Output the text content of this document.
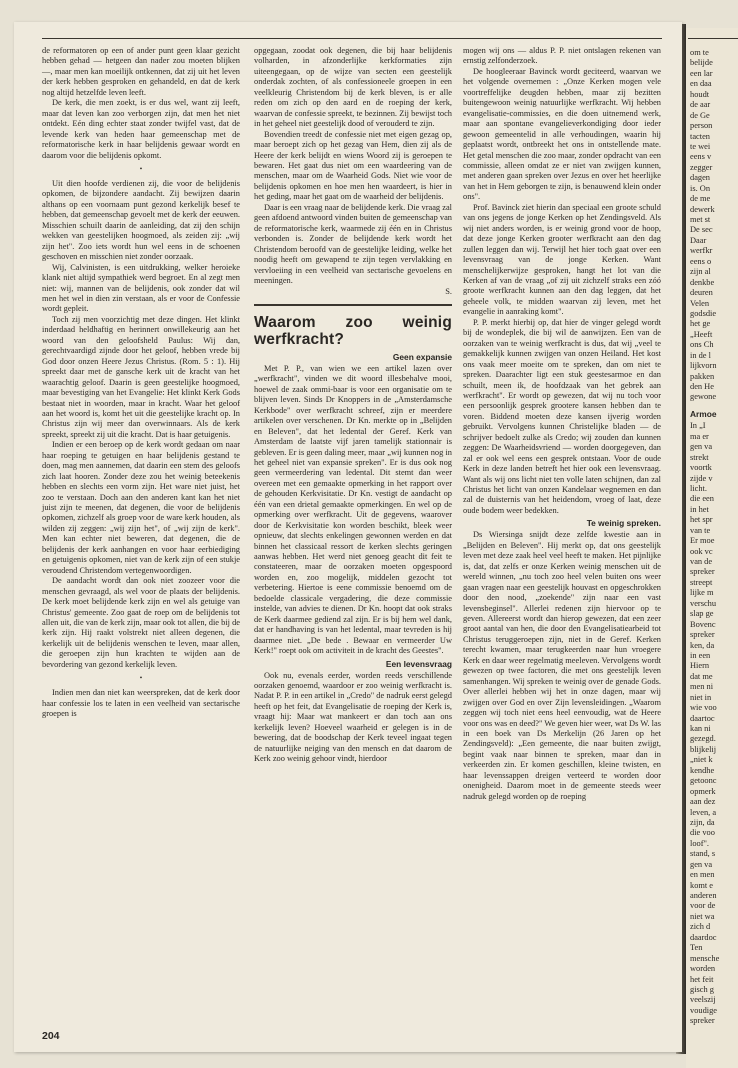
de reformatoren op een of ander punt geen klaar gezicht hebben gehad — hetgeen dan nader zou moeten blijken —, maar men kan moeilijk ontkennen, dat zij uit het leven der kerk hebben gesproken en gehandeld, en dat de kerk nog altijd hetzelfde leven leeft.

De kerk, die men zoekt, is er dus wel, want zij leeft, maar dat leven kan zoo verborgen zijn, dat men het niet ontdekt. Eén ding echter staat zonder twijfel vast, dat de levende kerk van heden haar gemeenschap met de reformatorische kerk in haar belijdenis gewaar wordt en daarom voor die belijdenis opkomt.

•

Uit dien hoofde verdienen zij, die voor de belijdenis opkomen, de bijzondere aandacht. Zij bewijzen daarin althans op een voornaam punt gezond kerkelijk besef te hebben, dat gemeenschap gevoelt met de kerk der eeuwen. Misschien schuilt daarin de aanleiding, dat zij den schijn wekken van geestelijken hoogmoed, als zeiden zij: „wij zijn het". Zoo iets wordt hun wel eens in de schoenen geschoven en misschien niet zonder oorzaak.

Wij, Calvinisten, is een uitdrukking, welker heroieke klank niet altijd sympathiek werd begroet. En al zegt men niet: wij, mannen van de belijdenis, ook zonder dat wil men het wel in dien zin verstaan, als er voor de Confessie wordt gepleit.

Toch zij men voorzichtig met deze dingen. Het klinkt inderdaad heldhaftig en herinnert onwillekeurig aan het woord van den geloofsheld Paulus: Wij dan, gerechtvaardigd zijnde door het geloof, hebben vrede bij God door onzen Heere Jezus Christus. (Rom. 5 : 1). Hij spreekt daar met de gansche kerk uit de kracht van het waarachtig geloof. Daarin is geen geestelijke hoogmoed, maar bevestiging van het Evangelie: Het klinkt Kerk Gods bestaat niet in woorden, maar in kracht. Waar het geloof aan het woord is, komt het uit die geestelijke kracht op. In Christus zijn wij meer dan overwinnaars. Als de kerk spreekt, spreekt zij uit die kracht. Dat is haar getuigenis.

Indien er een beroep op de kerk wordt gedaan om naar haar roeping te getuigen en haar belijdenis gestand te doen, mag men aannemen, dat daarin een stem des geloofs zich laat hooren. Zonder deze zou het weinig beteekenis hebben en slechts een vorm zijn. Het ware niet juist, het zoo te verstaan. Doch aan den anderen kant kan het niet juist zijn te meenen, dat degenen, die voor de belijdenis opkomen, zichzelf als groep voor de ware kerk houden, als wilden zij zeggen: „wij zijn het", of „wij zijn de kerk". Men kan echter niet beweren, dat degenen, die de belijdenis der kerk aanhangen en voor haar eerbiediging en getuigenis opkomen, niet van de kerk zijn of een stukje veroudend Christendom vertegenwoordigen.

De aandacht wordt dan ook niet zoozeer voor die menschen gevraagd, als wel voor de plaats der belijdenis. De kerk moet belijdende kerk zijn en wel als getuige van Christus' gemeente. Zoo gaat de roep om de belijdenis tot allen uit, die van de kerk zijn, maar ook tot allen, die bij de kerk zijn. Hij raakt volstrekt niet alleen degenen, die kerkelijk uit de belijdenis wenschen te leven, maar allen, die geroepen zijn hun krachten te wijden aan de bevordering van gezond kerkelijk leven.

•

Indien men dan niet kan weerspreken, dat de kerk door haar confessie los te laten in een veelheid van sectarische groepen is

opgegaan, zoodat ook degenen, die bij haar belijdenis volharden, in afzonderlijke kerkformaties zijn uiteengegaan, op de wijze van secten een geestelijk onderdak zochten, of als confessioneele groepen in een veelkleurig Christendom bij de kerk bleven, is er alle reden om zich op den aard en de roeping der kerk, waarvan de confessie spreekt, te bezinnen. Zij bewijst toch in het geheel niet geestelijk dood of verouderd te zijn.

Bovendien treedt de confessie niet met eigen gezag op, maar beroept zich op het gezag van Hem, dien zij als de Heere der kerk belijdt en wiens Woord zij is geroepen te bewaren. Het gaat dus niet om een waardeering van de menschen, maar om de Waarheid Gods. Niet wie voor de belijdenis opkomen en hoe men hen waardeert, is hier in het geding, maar het gaat om de waarheid der belijdenis.

Daar is een vraag naar de belijdende kerk. Die vraag zal geen afdoend antwoord vinden buiten de gemeenschap van de reformatorische kerk, waarmede zij één en in Christus verbonden is. Zonder de belijdende kerk wordt het Christendom beroofd van de geestelijke leiding, welke het noodig heeft om gewapend te zijn tegen vervlakking en vervloeiing in een veelheid van sectarische gevoelens en meeningen.

S.
Waarom zoo weinig werfkracht?
Geen expansie

Met P. P., van wien we een artikel lazen over „werfkracht", vinden we dit woord illesbehalve mooi, hoewel de zaak ommi-baar is voor een organisatie om te blijven leven. Sinds Dr Knoppers in de „Amsterdamsche Kerkbode" over werfkracht schreef, zijn er meerdere artikelen over verschenen. Dr Kn. merkte op in „Belijden en Beleven", dat het ledental der Geref. Kerk van Amsterdam de laatste vijf jaren tamelijk stationnair is gebleven. Er is geen daling meer, maar „wij kunnen nog in het geheel niet van expansie spreken". Er is dus ook nog geen vermeerdering van ledental. Dit stemt dan weer overeen met een gemaakte opmerking in het rapport over de gehouden Kerkvisitatie. Dr Kn. vestigt de aandacht op één van een drietal gemaakte opmerkingen. En wel op de opmerking over werfkracht. Uit de gegevens, waarover door de Kerkvisitatie kon worden beschikt, bleek weer opnieuw, dat slechts enkelingen gewonnen werden en dat binnen het classicaal ressort de kerken slechts geringen aanwas hebben. Het werd niet genoeg geacht dit feit te constateeren, maar de oorzaken moeten opgespoord worden en, zoo mogelijk, middelen gezocht tot verbetering. Hiertoe is eene commissie benoemd om de bedoelde classicale vergadering, die deze commissie instelde, van advies te dienen. Dr Kn. hoopt dat ook straks de Kerk daarmee gediend zal zijn. Er is bij hem wel dank, dat er handhaving is van het ledental, maar tevreden is hij daarmee niet. „De bede . Bewaar en vermeerder Uw Kerk!" roept ook om activiteit in de kracht des Geestes".

Een levensvraag

Ook nu, evenals eerder, worden reeds verschillende oorzaken genoemd, waardoor er zoo weinig werfkracht is. Nadat P. P. in een artikel in „Credo" de nadruk eerst gelegd heeft op het feit, dat Evangelisatie de roeping der Kerk is, vraagt hij: Maar wat mankeert er dan toch aan ons kerkelijk leven? Hoeveel waarheid er gelegen is in de bewering, dat de boodschap der Kerk teveel ingaat tegen de natuurlijke neiging van den mensch en dat daarom de Kerk zoo weinig gehoor vindt, hierdoor

mogen wij ons — aldus P. P. niet ontslagen rekenen van ernstig zelfonderzoek.

De hoogleeraar Bavinck wordt geciteerd, waarvan we het volgende overnemen : „Onze Kerken mogen vele voortreffelijke deugden hebben, maar zij bezitten buitengewoon weinig natuurlijke werfkracht. Wij hebben evangelisatie-commissies, en die doen uitnemend werk, maar aan spontane evangelieverkondiging door ieder gewoon gemeentelid in alle verhoudingen, waarin hij geplaatst wordt, ontbreekt het ons in ontstellende mate. Het getal menschen die zoo maar, zonder opdracht van een commissie, alleen omdat ze er niet van zwijgen kunnen, met anderen gaan spreken over Jezus en over het heerlijke van het in Hem geborgen te zijn, is benauwend klein onder ons".

Prof. Bavinck ziet hierin dan speciaal een groote schuld van ons jegens de jonge Kerken op het Zendingsveld. Als wij niet anders worden, is er weinig grond voor de hoop, dat deze jonge Kerken grooter werfkracht aan den dag zullen leggen dan wij. Terwijl het hier toch gaat over een levensvraag van de jonge Kerken. Want menschelijkerwijze gesproken, hangt het lot van die Kerken af van de vraag „of zij uit zichzelf straks een zóó groote werfkracht kunnen aan den dag leggen, dat het geheele volk, te midden waarvan zij leven, met het evangelie in aanraking komt".

P. P. merkt hierbij op, dat hier de vinger gelegd wordt bij de wondeplek, die bij wil de aanwijzen. Een van de oorzaken van te weinig werfkracht is dus, dat wij „veel te gemakkelijk kunnen zwijgen van onzen Heiland. Het kost ons vaak meer moeite om te spreken, dan om niet te spreken. Daarachter ligt een stuk geestesarmoe en dan schuilt, meen ik, de hoofdzaak van het gebrek aan werfkracht". Er wordt op gewezen, dat wij nu toch voor een persoonlijk gesprek grootere kansen hebben dan te voren. Biddend moeten deze kansen ijverig worden gebruikt. Vervolgens kunnen Christelijke bladen — de schrijver bedoelt zulke als Credo; wij zouden dan kunnen zeggen: De Waarheidsvriend — worden doorgegeven, dan zal er ook wel eens een gesprek ontstaan. Voor de oude Kerk in deze landen betreft het hier ook een levensvraag. Want als wij ons licht niet ten volle laten schijnen, dan zal Christus het licht van onzen Kandelaar wegnemen en dan zal de duisternis van het heidendom, vroeg of laat, deze oude bodem weer bedekken.

Te weinig spreken.

Ds Wiersinga snijdt deze zelfde kwestie aan in „Belijden en Beleven". Hij merkt op, dat ons geestelijk leven met deze zaak heel veel heeft te maken. Het pijnlijke is, dat, dat zelfs er onze Kerken weinig menschen uit de wereld winnen, „nu toch zoo heel velen buiten ons weer gaan vragen naar een geestelijk houvast en opgeschrokken door den nood, „zoekende" zijn naar een vast levensbeginsel". Allerlei redenen zijn hiervoor op te geven. Allereerst wordt dan hierop gewezen, dat een zeer groot aantal van hen, die door den Evangelisatiearbeid tot Christus teruggeroepen zijn, niet in de Geref. Kerken terecht kwamen, maar terugkeerden naar hun vroegere Kerk en daar weer regelmatig meeleven. Vervolgens wordt gewezen op twee factoren, die met ons geestelijk leven samenhangen. Wij spreken te weinig over de genade Gods. Over allerlei hebben wij het in onze dagen, maar wij zwijgen over God en over Zijn levensleidingen. „Waarom zeggen wij toch niet eens heel eenvoudig, wat de Heere voor ons was en deed?" We geven hier weer, wat Ds W. las in een boek van Ds Merkelijn (26 Jaren op het Zendingsveld): „Een gemeente, die naar buiten zwijgt, begint vaak naar binnen te spreken, maar dan in verkeerden zin. Er komen geschillen, kleine twisten, en haar levenssappen dreigen verteerd te worden door onenigheid. Daarom moet in de gemeente steeds weer nadruk gelegd worden op de roeping

204
om te
belijde
een lar
en daa
houdt
de aar
de Ge
person
tacten
te wei
eens v
zegger
dagen
is. On
de me
dewerk
met st
De sec
Daar
werfkr
eens o
zijn al
denkbe
deuren
Velen
godsdie
het ge
„Heeft
ons Ch
in de l
lijkvorn
pakken
den He
gewone
Armoe
In „I
ma er
gen va
strekt
voortk
zijde v
licht.
die een
in het
het spr
van te
Er moe
ook vc
van de
spreker
streept
lijke m
verschu
slap ge
Bovenc
spreker
ken, da
in een
Hiern
dat me
men ni
niet in
wie voo
daartoc
kan ni
gezegd.
blijkelij
„niet k
kendhe
getoonc
opmerk
aan dez
leven, a
zijn, da
die voo
loof".
stand, s
gen va
en men
komt e
anderen
voor de
niet wa
zich d
daardoc
Ten
mensche
worden
het feit
gisch g
veelszij
voudige
spreker
